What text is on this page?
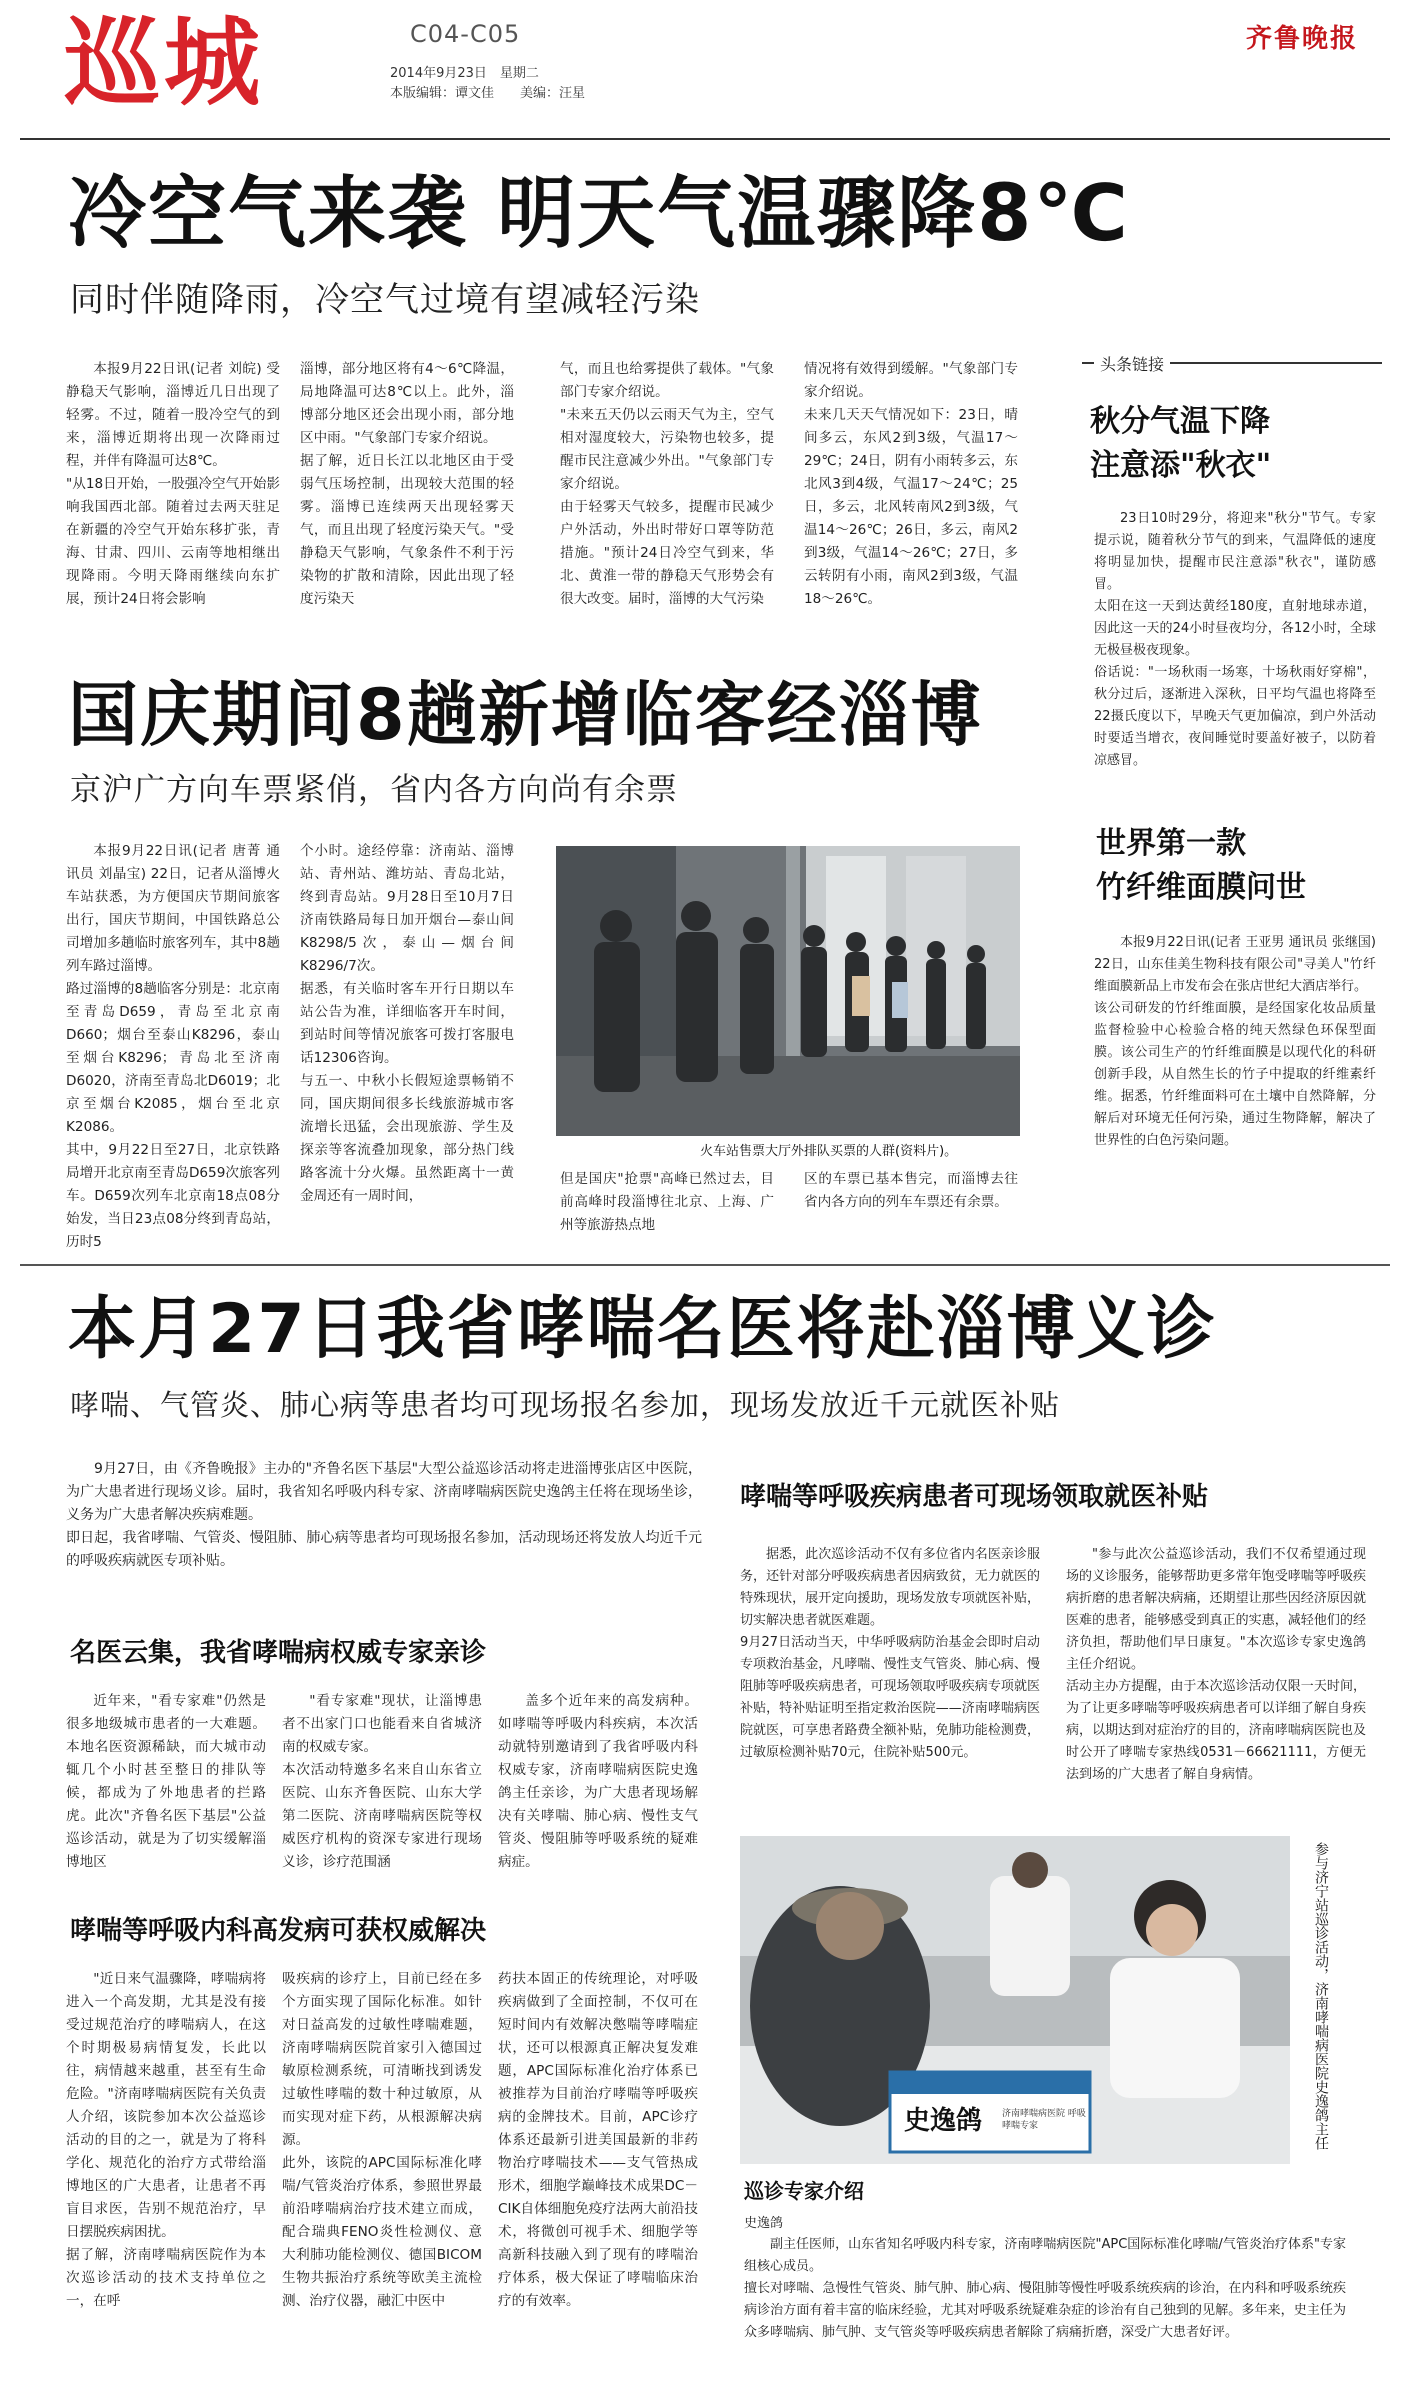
巡城	C04-C05
2014年9月23日　星期二
本版编辑：谭文佳　　美编：汪星
齐鲁晚报
冷空气来袭 明天气温骤降8℃
同时伴随降雨，冷空气过境有望减轻污染

本报9月22日讯(记者 刘皖) 受静稳天气影响，淄博近几日出现了轻雾。不过，随着一股冷空气的到来，淄博近期将出现一次降雨过程，并伴有降温可达8℃。
"从18日开始，一股强冷空气开始影响我国西北部。随着过去两天驻足在新疆的冷空气开始东移扩张，青海、甘肃、四川、云南等地相继出现降雨。今明天降雨继续向东扩展，预计24日将会影响

淄博，部分地区将有4～6℃降温，局地降温可达8℃以上。此外，淄博部分地区还会出现小雨，部分地区中雨。"气象部门专家介绍说。
据了解，近日长江以北地区由于受弱气压场控制，出现较大范围的轻雾。淄博已连续两天出现轻雾天气，而且出现了轻度污染天气。"受静稳天气影响，气象条件不利于污染物的扩散和清除，因此出现了轻度污染天

气，而且也给雾提供了载体。"气象部门专家介绍说。
"未来五天仍以云雨天气为主，空气相对湿度较大，污染物也较多，提醒市民注意减少外出。"气象部门专家介绍说。
由于轻雾天气较多，提醒市民减少户外活动，外出时带好口罩等防范措施。"预计24日冷空气到来，华北、黄淮一带的静稳天气形势会有很大改变。届时，淄博的大气污染

情况将有效得到缓解。"气象部门专家介绍说。
未来几天天气情况如下：23日，晴间多云，东风2到3级，气温17～29℃；24日，阴有小雨转多云，东北风3到4级，气温17～24℃；25日，多云，北风转南风2到3级，气温14～26℃；26日，多云，南风2到3级，气温14～26℃；27日，多云转阴有小雨，南风2到3级，气温18～26℃。

头条链接
秋分气温下降
注意添"秋衣"

23日10时29分，将迎来"秋分"节气。专家提示说，随着秋分节气的到来，气温降低的速度将明显加快，提醒市民注意添"秋衣"，谨防感冒。
太阳在这一天到达黄经180度，直射地球赤道，因此这一天的24小时昼夜均分，各12小时，全球无极昼极夜现象。
俗话说："一场秋雨一场寒，十场秋雨好穿棉"，秋分过后，逐渐进入深秋，日平均气温也将降至22摄氏度以下，早晚天气更加偏凉，到户外活动时要适当增衣，夜间睡觉时要盖好被子，以防着凉感冒。

世界第一款
竹纤维面膜问世

本报9月22日讯(记者 王亚男 通讯员 张继国) 22日，山东佳美生物科技有限公司"寻美人"竹纤维面膜新品上市发布会在张店世纪大酒店举行。
该公司研发的竹纤维面膜，是经国家化妆品质量监督检验中心检验合格的纯天然绿色环保型面膜。该公司生产的竹纤维面膜是以现代化的科研创新手段，从自然生长的竹子中提取的纤维素纤维。据悉，竹纤维面料可在土壤中自然降解，分解后对环境无任何污染，通过生物降解，解决了世界性的白色污染问题。

国庆期间8趟新增临客经淄博
京沪广方向车票紧俏，省内各方向尚有余票

本报9月22日讯(记者 唐菁 通讯员 刘晶宝) 22日，记者从淄博火车站获悉，为方便国庆节期间旅客出行，国庆节期间，中国铁路总公司增加多趟临时旅客列车，其中8趟列车路过淄博。
路过淄博的8趟临客分别是：北京南至青岛D659，青岛至北京南D660；烟台至泰山K8296，泰山至烟台K8296；青岛北至济南D6020，济南至青岛北D6019；北京至烟台K2085，烟台至北京K2086。
其中，9月22日至27日，北京铁路局增开北京南至青岛D659次旅客列车。D659次列车北京南18点08分始发，当日23点08分终到青岛站，历时5

个小时。途经停靠：济南站、淄博站、青州站、潍坊站、青岛北站，终到青岛站。9月28日至10月7日济南铁路局每日加开烟台—泰山间K8298/5次，泰山—烟台间K8296/7次。
据悉，有关临时客车开行日期以车站公告为准，详细临客开车时间，到站时间等情况旅客可拨打客服电话12306咨询。
与五一、中秋小长假短途票畅销不同，国庆期间很多长线旅游城市客流增长迅猛，会出现旅游、学生及探亲等客流叠加现象，部分热门线路客流十分火爆。虽然距离十一黄金周还有一周时间，

火车站售票大厅外排队买票的人群(资料片)。

但是国庆"抢票"高峰已然过去，目前高峰时段淄博往北京、上海、广州等旅游热点地

区的车票已基本售完，而淄博去往省内各方向的列车车票还有余票。

本月27日我省哮喘名医将赴淄博义诊
哮喘、气管炎、肺心病等患者均可现场报名参加，现场发放近千元就医补贴

9月27日，由《齐鲁晚报》主办的"齐鲁名医下基层"大型公益巡诊活动将走进淄博张店区中医院，为广大患者进行现场义诊。届时，我省知名呼吸内科专家、济南哮喘病医院史逸鸽主任将在现场坐诊，义务为广大患者解决疾病难题。
即日起，我省哮喘、气管炎、慢阻肺、肺心病等患者均可现场报名参加，活动现场还将发放人均近千元的呼吸疾病就医专项补贴。

名医云集，我省哮喘病权威专家亲诊

近年来，"看专家难"仍然是很多地级城市患者的一大难题。本地名医资源稀缺，而大城市动辄几个小时甚至整日的排队等候，都成为了外地患者的拦路虎。此次"齐鲁名医下基层"公益巡诊活动，就是为了切实缓解淄博地区

"看专家难"现状，让淄博患者不出家门口也能看来自省城济南的权威专家。
本次活动特邀多名来自山东省立医院、山东齐鲁医院、山东大学第二医院、济南哮喘病医院等权威医疗机构的资深专家进行现场义诊，诊疗范围涵

盖多个近年来的高发病种。如哮喘等呼吸内科疾病，本次活动就特别邀请到了我省呼吸内科权威专家，济南哮喘病医院史逸鸽主任亲诊，为广大患者现场解决有关哮喘、肺心病、慢性支气管炎、慢阻肺等呼吸系统的疑难病症。

哮喘等呼吸内科高发病可获权威解决

"近日来气温骤降，哮喘病将进入一个高发期，尤其是没有接受过规范治疗的哮喘病人，在这个时期极易病情复发，长此以往，病情越来越重，甚至有生命危险。"济南哮喘病医院有关负责人介绍，该院参加本次公益巡诊活动的目的之一，就是为了将科学化、规范化的治疗方式带给淄博地区的广大患者，让患者不再盲目求医，告别不规范治疗，早日摆脱疾病困扰。
据了解，济南哮喘病医院作为本次巡诊活动的技术支持单位之一，在呼

吸疾病的诊疗上，目前已经在多个方面实现了国际化标准。如针对日益高发的过敏性哮喘难题，济南哮喘病医院首家引入德国过敏原检测系统，可清晰找到诱发过敏性哮喘的数十种过敏原，从而实现对症下药，从根源解决病源。
此外，该院的APC国际标准化哮喘/气管炎治疗体系，参照世界最前沿哮喘病治疗技术建立而成，配合瑞典FENO炎性检测仪、意大利肺功能检测仪、德国BICOM生物共振治疗系统等欧美主流检测、治疗仪器，融汇中医中

药扶本固正的传统理论，对呼吸疾病做到了全面控制，不仅可在短时间内有效解决憋喘等哮喘症状，还可以根源真正解决复发难题，APC国际标准化治疗体系已被推荐为目前治疗哮喘等呼吸疾病的金牌技术。目前，APC诊疗体系还最新引进美国最新的非药物治疗哮喘技术——支气管热成形术，细胞学巅峰技术成果DC－CIK自体细胞免疫疗法两大前沿技术，将微创可视手术、细胞学等高新科技融入到了现有的哮喘治疗体系，极大保证了哮喘临床治疗的有效率。

哮喘等呼吸疾病患者可现场领取就医补贴

据悉，此次巡诊活动不仅有多位省内名医亲诊服务，还针对部分呼吸疾病患者因病致贫，无力就医的特殊现状，展开定向援助，现场发放专项就医补贴，切实解决患者就医难题。
9月27日活动当天，中华呼吸病防治基金会即时启动专项救治基金，凡哮喘、慢性支气管炎、肺心病、慢阻肺等呼吸疾病患者，可现场领取呼吸疾病专项就医补贴，特补贴证明至指定救治医院——济南哮喘病医院就医，可享患者路费全额补贴，免肺功能检测费，过敏原检测补贴70元，住院补贴500元。

"参与此次公益巡诊活动，我们不仅希望通过现场的义诊服务，能够帮助更多常年饱受哮喘等呼吸疾病折磨的患者解决病痛，还期望让那些因经济原因就医难的患者，能够感受到真正的实惠，减轻他们的经济负担，帮助他们早日康复。"本次巡诊专家史逸鸽主任介绍说。
活动主办方提醒，由于本次巡诊活动仅限一天时间，为了让更多哮喘等呼吸疾病患者可以详细了解自身疾病，以期达到对症治疗的目的，济南哮喘病医院也及时公开了哮喘专家热线0531－66621111，方便无法到场的广大患者了解自身病情。

史逸鸽 济南哮喘病医院 呼吸哮喘专家	参与济宁站巡诊活动，济南哮喘病医院史逸鸽主任
巡诊专家介绍
史逸鸽

副主任医师，山东省知名呼吸内科专家，济南哮喘病医院"APC国际标准化哮喘/气管炎治疗体系"专家组核心成员。
擅长对哮喘、急慢性气管炎、肺气肿、肺心病、慢阻肺等慢性呼吸系统疾病的诊治，在内科和呼吸系统疾病诊治方面有着丰富的临床经验，尤其对呼吸系统疑难杂症的诊治有自己独到的见解。多年来，史主任为众多哮喘病、肺气肿、支气管炎等呼吸疾病患者解除了病痛折磨，深受广大患者好评。
